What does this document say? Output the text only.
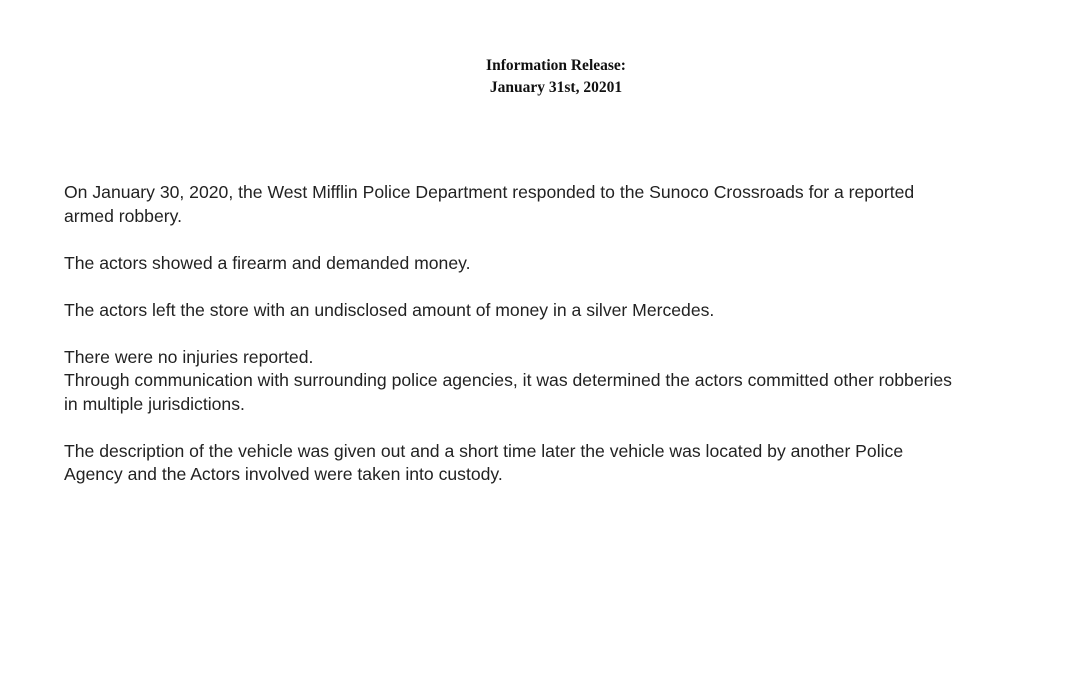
Information Release:
January 31st, 20201

On January 30, 2020, the West Mifflin Police Department responded to the Sunoco Crossroads for a reported

armed robbery.

The actors showed a firearm and demanded money.

The actors left the store with an undisclosed amount of money in a silver Mercedes.

There were no injuries reported.

Through communication with surrounding police agencies, it was determined the actors committed other robberies

in multiple jurisdictions.

The description of the vehicle was given out and a short time later the vehicle was located by another Police

Agency and the Actors involved were taken into custody.
